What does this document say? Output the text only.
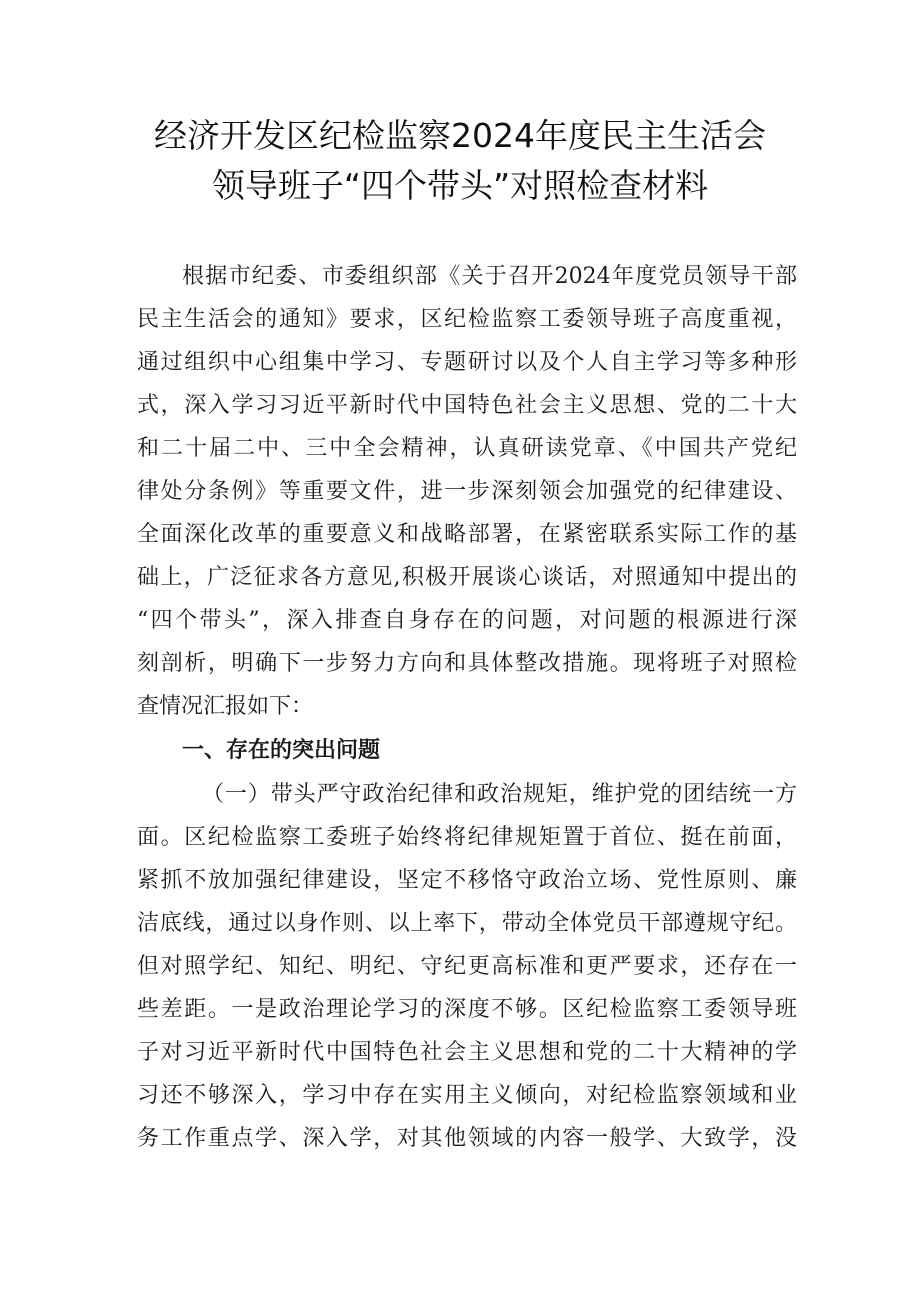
经济开发区纪检监察2024年度民主生活会
领导班子“四个带头”对照检查材料
根据市纪委、市委组织部《关于召开2024年度党员领导干部
民主生活会的通知》要求，区纪检监察工委领导班子高度重视，
通过组织中心组集中学习、专题研讨以及个人自主学习等多种形
式，深入学习习近平新时代中国特色社会主义思想、党的二十大
和二十届二中、三中全会精神，认真研读党章、《中国共产党纪
律处分条例》等重要文件，进一步深刻领会加强党的纪律建设、
全面深化改革的重要意义和战略部署，在紧密联系实际工作的基
础上，广泛征求各方意见,积极开展谈心谈话，对照通知中提出的
“四个带头”，深入排查自身存在的问题，对问题的根源进行深
刻剖析，明确下一步努力方向和具体整改措施。现将班子对照检
查情况汇报如下：
一、存在的突出问题
（一）带头严守政治纪律和政治规矩，维护党的团结统一方
面。区纪检监察工委班子始终将纪律规矩置于首位、挺在前面，
紧抓不放加强纪律建设，坚定不移恪守政治立场、党性原则、廉
洁底线，通过以身作则、以上率下，带动全体党员干部遵规守纪。
但对照学纪、知纪、明纪、守纪更高标准和更严要求，还存在一
些差距。一是政治理论学习的深度不够。区纪检监察工委领导班
子对习近平新时代中国特色社会主义思想和党的二十大精神的学
习还不够深入，学习中存在实用主义倾向，对纪检监察领域和业
务工作重点学、深入学，对其他领域的内容一般学、大致学，没
